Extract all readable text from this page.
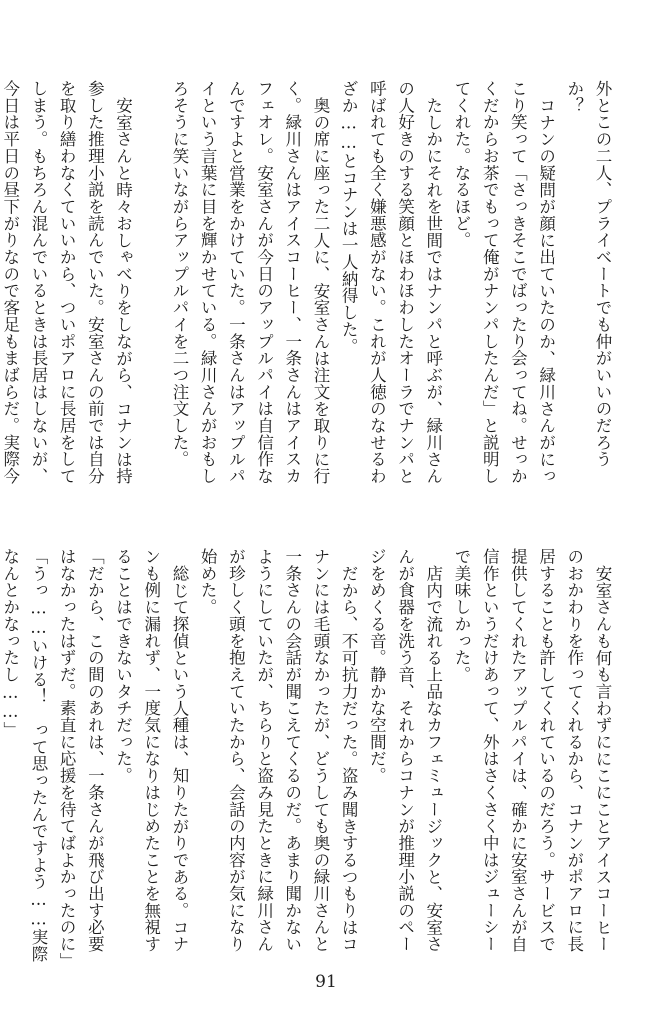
外とこの二人、プライベートでも仲がいいのだろうか？

コナンの疑問が顔に出ていたのか、緑川さんがにっこり笑って「さっきそこでばったり会ってね。せっかくだからお茶でもって俺がナンパしたんだ」と説明してくれた。なるほど。

たしかにそれを世間ではナンパと呼ぶが、緑川さんの人好きのする笑顔とほわほわしたオーラでナンパと呼ばれても全く嫌悪感がない。これが人徳のなせるわざか……とコナンは一人納得した。

奥の席に座った二人に、安室さんは注文を取りに行く。緑川さんはアイスコーヒー、一条さんはアイスカフェオレ。安室さんが今日のアップルパイは自信作なんですよと営業をかけていた。一条さんはアップルパイという言葉に目を輝かせている。緑川さんがおもしろそうに笑いながらアップルパイを二つ注文した。

安室さんと時々おしゃべりをしながら、コナンは持参した推理小説を読んでいた。安室さんの前では自分を取り繕わなくていいから、ついポアロに長居をしてしまう。もちろん混んでいるときは長居はしないが、今日は平日の昼下がりなので客足もまばらだ。実際今

安室さんも何も言わずににこにことアイスコーヒーのおかわりを作ってくれるから、コナンがポアロに長居することも許してくれているのだろう。サービスで提供してくれたアップルパイは、確かに安室さんが自信作というだけあって、外はさくさく中はジューシーで美味しかった。

店内で流れる上品なカフェミュージックと、安室さんが食器を洗う音、それからコナンが推理小説のページをめくる音。静かな空間だ。

だから、不可抗力だった。盗み聞きするつもりはコナンには毛頭なかったが、どうしても奥の緑川さんと一条さんの会話が聞こえてくるのだ。あまり聞かないようにしていたが、ちらりと盗み見たときに緑川さんが珍しく頭を抱えていたから、会話の内容が気になり始めた。

総じて探偵という人種は、知りたがりである。コナンも例に漏れず、一度気になりはじめたことを無視することはできないタチだった。

「だから、この間のあれは、一条さんが飛び出す必要はなかったはずだ。素直に応援を待てばよかったのに」

「うっ……いける！　って思ったんですよう……実際なんとかなったし……」

91
